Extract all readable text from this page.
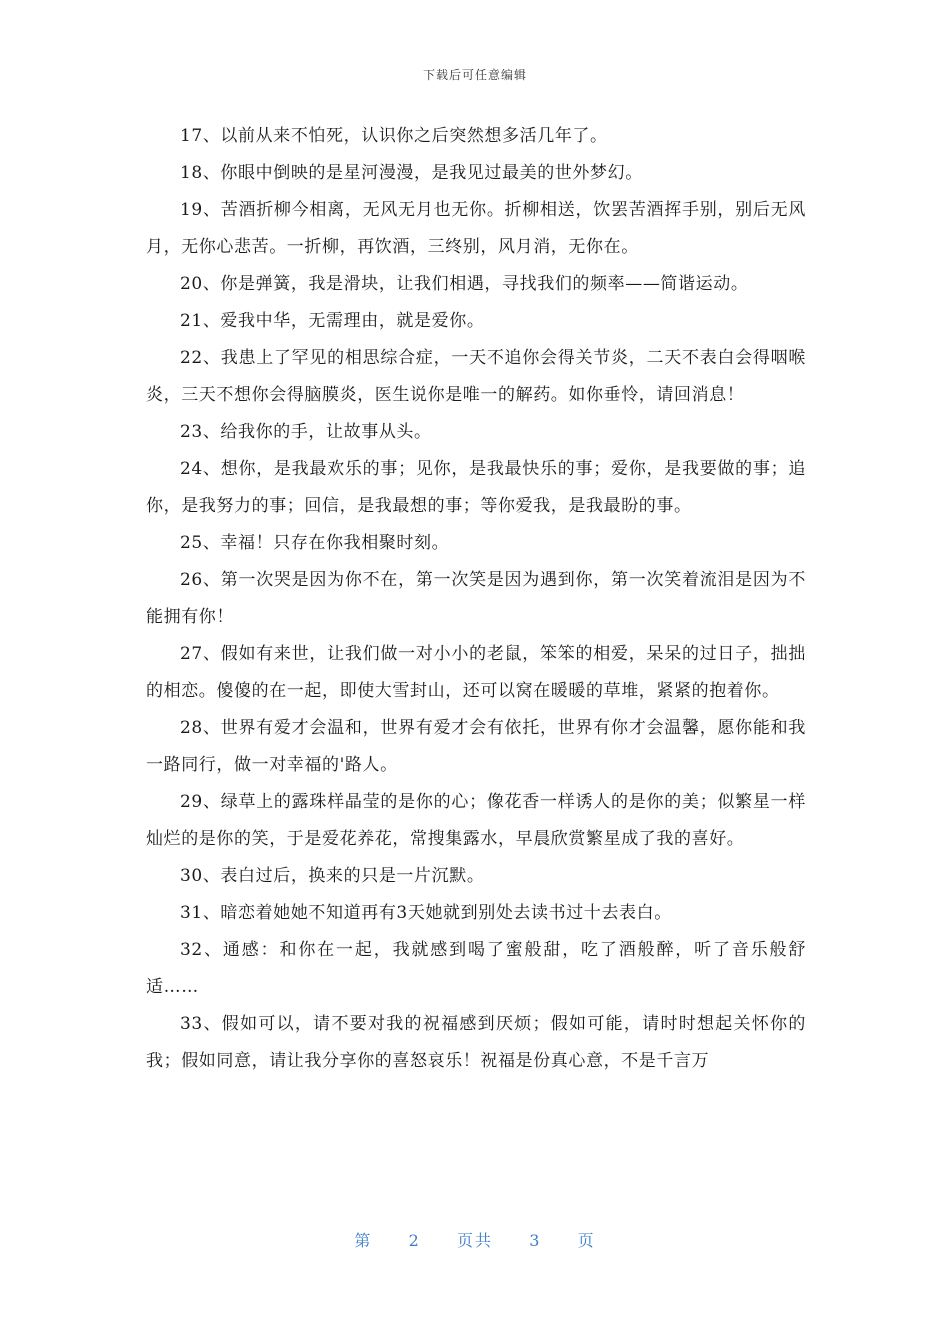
下载后可任意编辑

17、以前从来不怕死，认识你之后突然想多活几年了。

18、你眼中倒映的是星河漫漫，是我见过最美的世外梦幻。

19、苦酒折柳今相离，无风无月也无你。折柳相送，饮罢苦酒挥手别，别后无风月，无你心悲苦。一折柳，再饮酒，三终别，风月消，无你在。

20、你是弹簧，我是滑块，让我们相遇，寻找我们的频率——简谐运动。

21、爱我中华，无需理由，就是爱你。

22、我患上了罕见的相思综合症，一天不追你会得关节炎，二天不表白会得咽喉炎，三天不想你会得脑膜炎，医生说你是唯一的解药。如你垂怜，请回消息！

23、给我你的手，让故事从头。

24、想你，是我最欢乐的事；见你，是我最快乐的事；爱你，是我要做的事；追你，是我努力的事；回信，是我最想的事；等你爱我，是我最盼的事。

25、幸福！只存在你我相聚时刻。

26、第一次哭是因为你不在，第一次笑是因为遇到你，第一次笑着流泪是因为不能拥有你！

27、假如有来世，让我们做一对小小的老鼠，笨笨的相爱，呆呆的过日子，拙拙的相恋。傻傻的在一起，即使大雪封山，还可以窝在暖暖的草堆，紧紧的抱着你。

28、世界有爱才会温和，世界有爱才会有依托，世界有你才会温馨，愿你能和我一路同行，做一对幸福的'路人。

29、绿草上的露珠样晶莹的是你的心；像花香一样诱人的是你的美；似繁星一样灿烂的是你的笑，于是爱花养花，常搜集露水，早晨欣赏繁星成了我的喜好。

30、表白过后，换来的只是一片沉默。

31、暗恋着她她不知道再有3天她就到别处去读书过十去表白。

32、通感：和你在一起，我就感到喝了蜜般甜，吃了酒般醉，听了音乐般舒适……

33、假如可以，请不要对我的祝福感到厌烦；假如可能，请时时想起关怀你的我；假如同意，请让我分享你的喜怒哀乐！祝福是份真心意，不是千言万

第 2 页共 3 页
